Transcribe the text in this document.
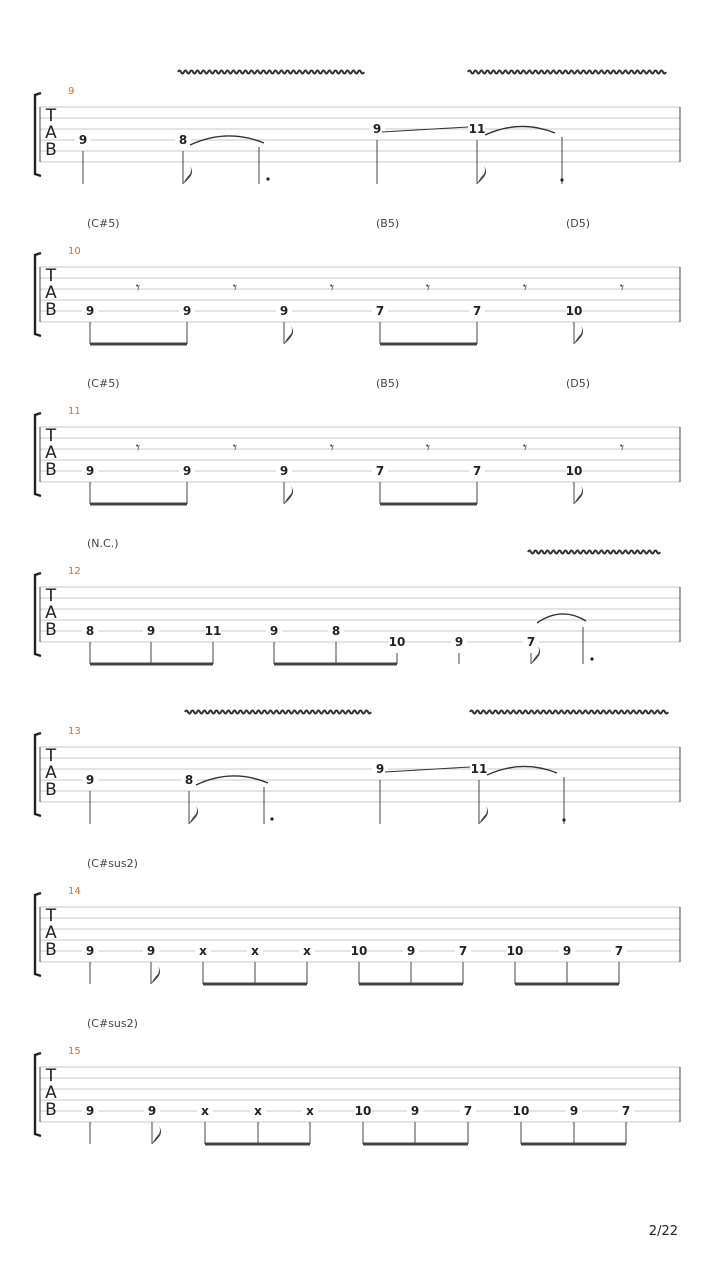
T
A
B
9
9	8
9	11
T
A
B
10
(C#5)	(B5)	(D5)
9	9	9	7	7	10
𝄾	𝄾	𝄾	𝄾	𝄾	𝄾
T
A
B
11
(C#5)	(B5)	(D5)
9	9	9	7	7	10
𝄾	𝄾	𝄾	𝄾	𝄾	𝄾
T
A
B
12
(N.C.)
8	9	11	9	8
10	9	7
T
A
B
13
9	8
9	11
T
A
B
14
(C#sus2)
9	9	x	x	x	10	9	7	10	9	7
T
A
B
15
(C#sus2)
9	9	x	x	x	10	9	7	10	9	7
2/22
